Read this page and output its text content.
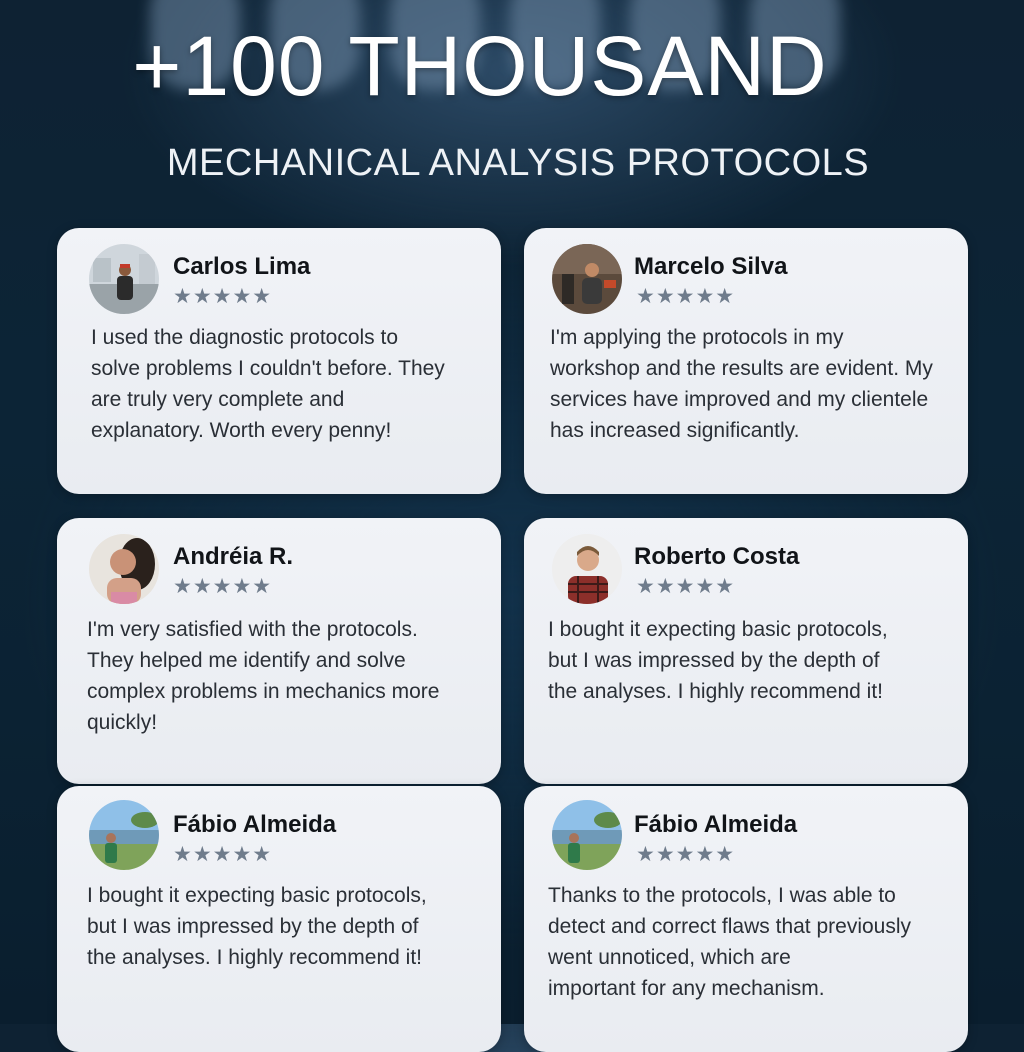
+100 THOUSAND
MECHANICAL ANALYSIS PROTOCOLS
Carlos Lima
★★★★★
I used the diagnostic protocols to
solve problems I couldn't before. They
are truly very complete and
explanatory. Worth every penny!
Marcelo Silva
★★★★★
I'm applying the protocols in my
workshop and the results are evident. My
services have improved and my clientele
has increased significantly.
Andréia R.
★★★★★
I'm very satisfied with the protocols.
They helped me identify and solve
complex problems in mechanics more
quickly!
Roberto Costa
★★★★★
I bought it expecting basic protocols,
but I was impressed by the depth of
the analyses. I highly recommend it!
Fábio Almeida
★★★★★
I bought it expecting basic protocols,
but I was impressed by the depth of
the analyses. I highly recommend it!
Fábio Almeida
★★★★★
Thanks to the protocols, I was able to
detect and correct flaws that previously
went unnoticed, which are
important for any mechanism.
